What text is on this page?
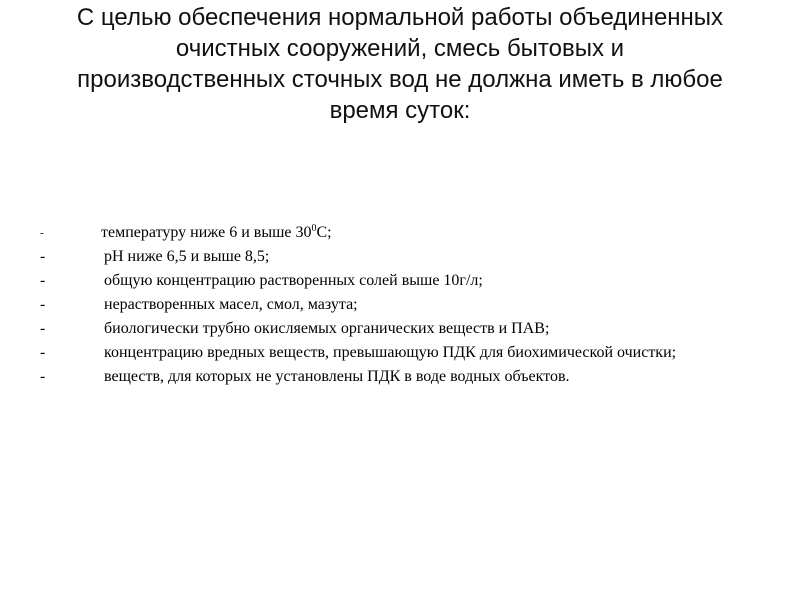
С целью обеспечения нормальной работы объединенных
очистных сооружений, смесь бытовых и
производственных сточных вод не должна иметь в любое
время суток:
-	температуру ниже 6 и выше $30^0С$;
-	рН ниже 6,5 и выше 8,5;
-	общую концентрацию растворенных солей выше 10г/л;
-	нерастворенных масел, смол, мазута;
-	биологически трубно окисляемых органических веществ и ПАВ;
-	концентрацию вредных веществ, превышающую ПДК для биохимической очистки;
-	веществ, для которых не установлены ПДК в воде водных объектов.
